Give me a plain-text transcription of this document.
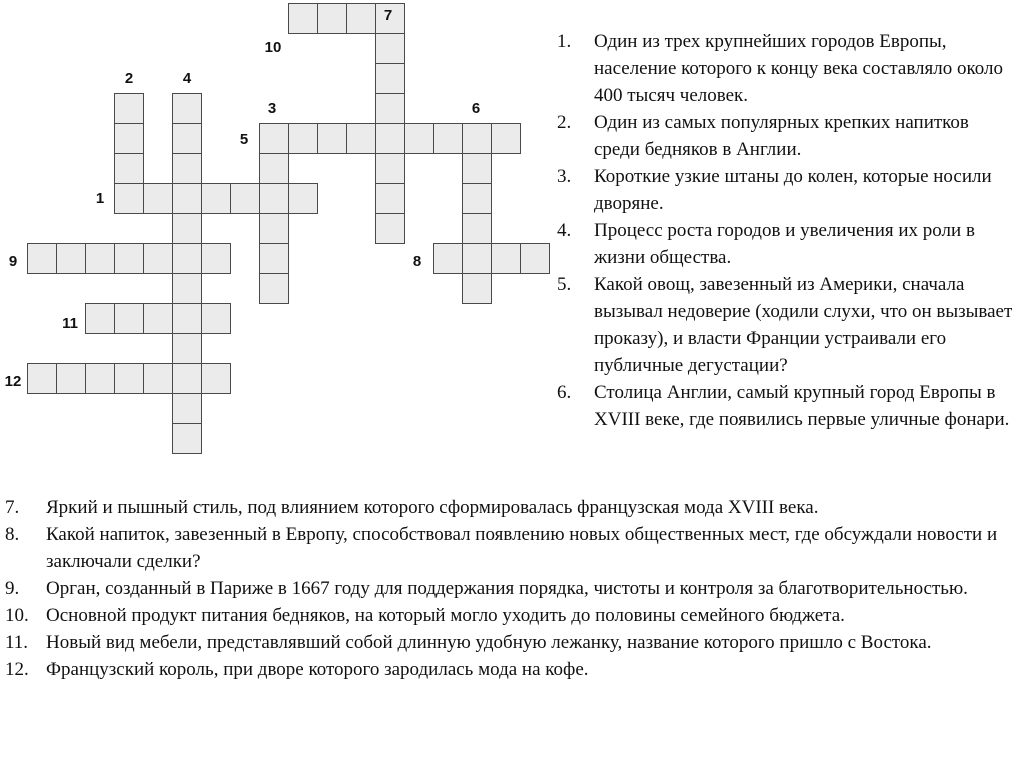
7
10
2	4
3	6
5
1
9	8
11
12
1. Один из трех крупнейших городов Европы, население которого к концу века составляло около 400 тысяч человек.
2. Один из самых популярных крепких напитков среди бедняков в Англии.
3. Короткие узкие штаны до колен, которые носили дворяне.
4. Процесс роста городов и увеличения их роли в жизни общества.
5. Какой овощ, завезенный из Америки, сначала вызывал недоверие (ходили слухи, что он вызывает проказу), и власти Франции устраивали его публичные дегустации?
6. Столица Англии, самый крупный город Европы в XVIII веке, где появились первые уличные фонари.
7. Яркий и пышный стиль, под влиянием которого сформировалась французская мода XVIII века.
8. Какой напиток, завезенный в Европу, способствовал появлению новых общественных мест, где обсуждали новости и заключали сделки?
9. Орган, созданный в Париже в 1667 году для поддержания порядка, чистоты и контроля за благотворительностью.
10. Основной продукт питания бедняков, на который могло уходить до половины семейного бюджета.
11. Новый вид мебели, представлявший собой длинную удобную лежанку, название которого пришло с Востока.
12. Французский король, при дворе которого зародилась мода на кофе.
